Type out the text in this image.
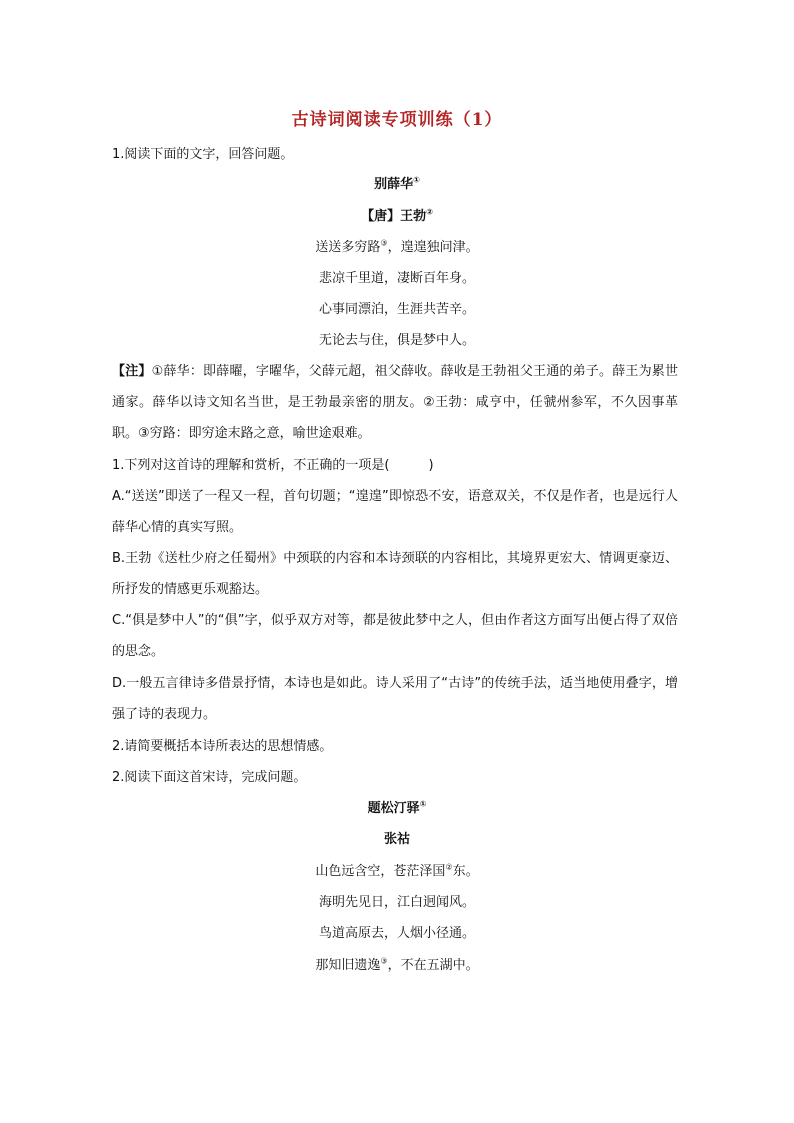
古诗词阅读专项训练（1）
1.阅读下面的文字，回答问题。
别薛华①
【唐】王勃②
送送多穷路③，遑遑独问津。
悲凉千里道，凄断百年身。
心事同漂泊，生涯共苦辛。
无论去与住，俱是梦中人。
【注】①薛华：即薛曜，字曜华，父薛元超，祖父薛收。薛收是王勃祖父王通的弟子。薛王为累世通家。薛华以诗文知名当世，是王勃最亲密的朋友。②王勃：咸亨中，任虢州参军，不久因事革职。③穷路：即穷途末路之意，喻世途艰难。
1.下列对这首诗的理解和赏析，不正确的一项是(　　　)
A.“送送”即送了一程又一程，首句切题；“遑遑”即惊恐不安，语意双关，不仅是作者，也是远行人薛华心情的真实写照。
B.王勃《送杜少府之任蜀州》中颈联的内容和本诗颈联的内容相比，其境界更宏大、情调更豪迈、所抒发的情感更乐观豁达。
C.“俱是梦中人”的“俱”字，似乎双方对等，都是彼此梦中之人，但由作者这方面写出便占得了双倍的思念。
D.一般五言律诗多借景抒情，本诗也是如此。诗人采用了“古诗”的传统手法，适当地使用叠字，增强了诗的表现力。
2.请简要概括本诗所表达的思想情感。
2.阅读下面这首宋诗，完成问题。
题松汀驿①
张祜
山色远含空，苍茫泽国②东。
海明先见日，江白迥闻风。
鸟道高原去，人烟小径通。
那知旧遗逸③，不在五湖中。
